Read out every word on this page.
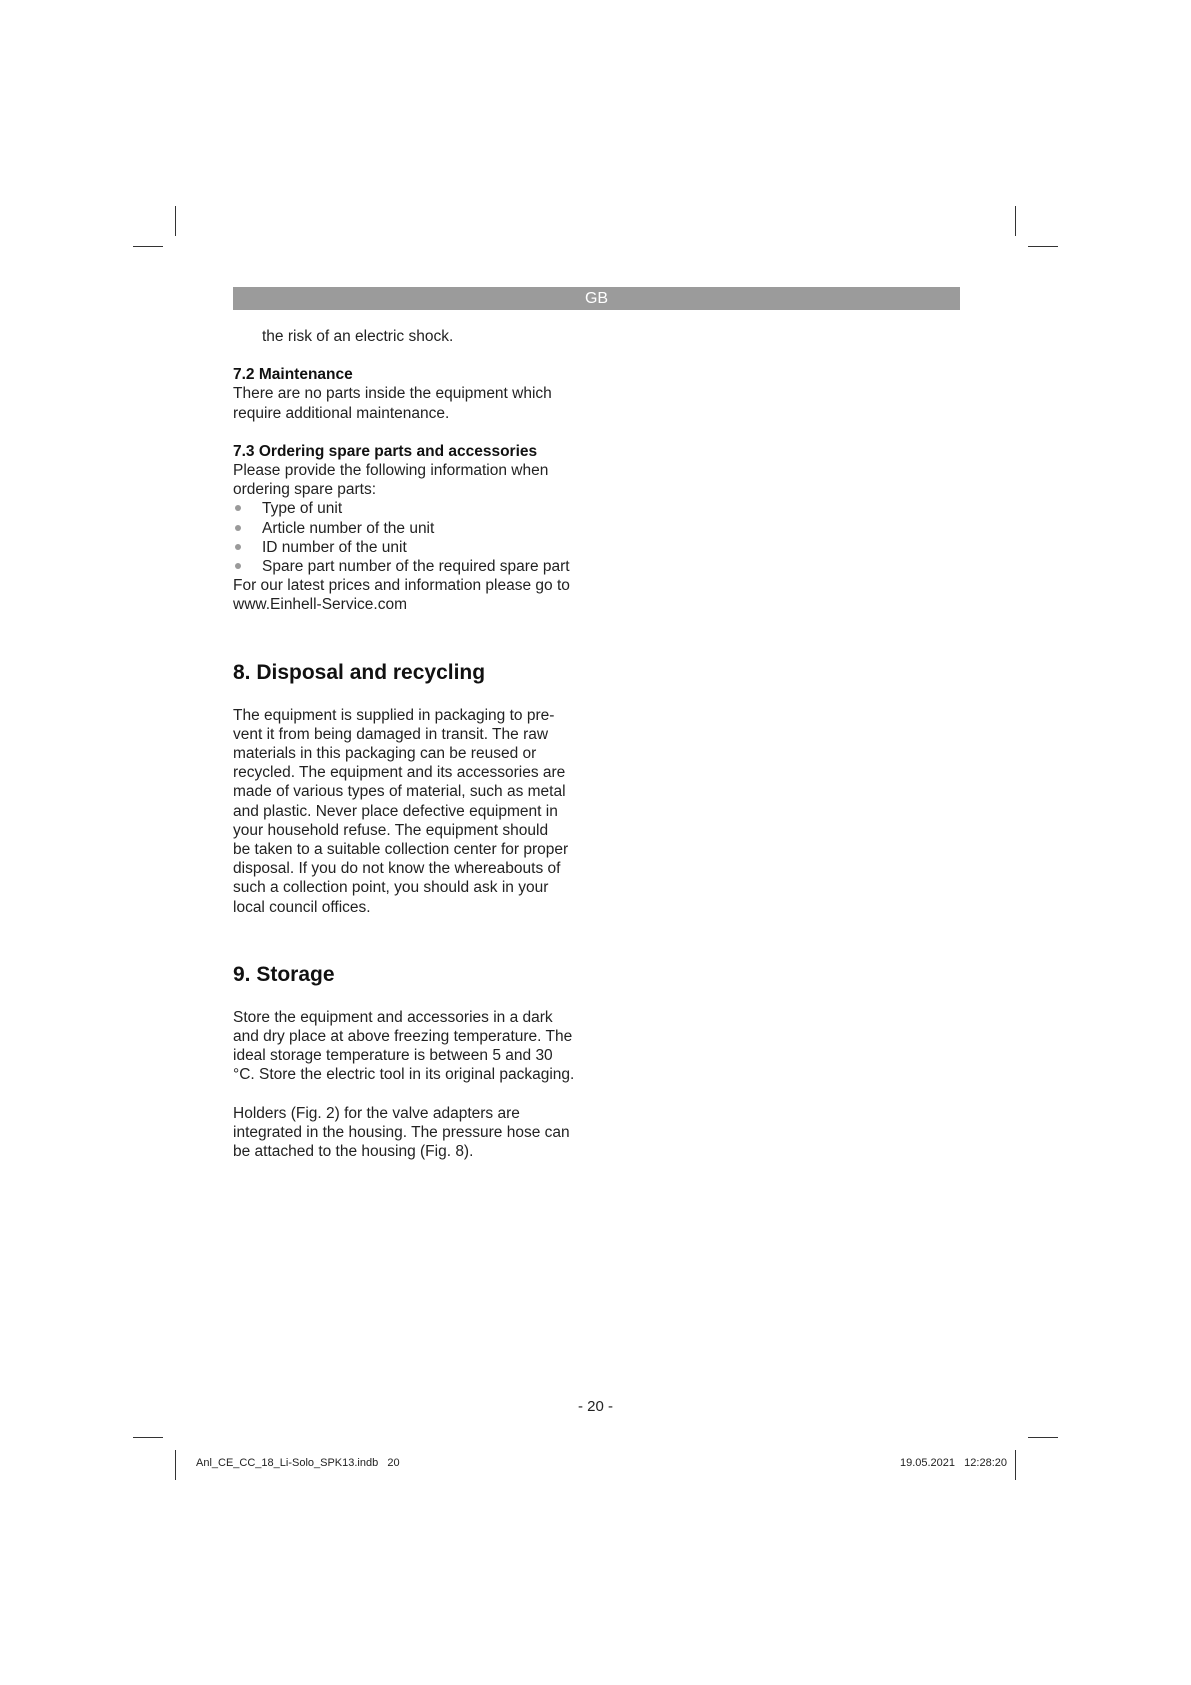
GB

the risk of an electric shock.

7.2 Maintenance

There are no parts inside the equipment which

require additional maintenance.

7.3 Ordering spare parts and accessories

Please provide the following information when

ordering spare parts:

Type of unit
Article number of the unit
ID number of the unit
Spare part number of the required spare part

For our latest prices and information please go to

www.Einhell-Service.com

8. Disposal and recycling

The equipment is supplied in packaging to pre-

vent it from being damaged in transit. The raw

materials in this packaging can be reused or

recycled. The equipment and its accessories are

made of various types of material, such as metal

and plastic. Never place defective equipment in

your household refuse. The equipment should

be taken to a suitable collection center for proper

disposal. If you do not know the whereabouts of

such a collection point, you should ask in your

local council offices.

9. Storage

Store the equipment and accessories in a dark

and dry place at above freezing temperature. The

ideal storage temperature is between 5 and 30

°C. Store the electric tool in its original packaging.

Holders (Fig. 2) for the valve adapters are

integrated in the housing. The pressure hose can

be attached to the housing (Fig. 8).

- 20 -
Anl_CE_CC_18_Li-Solo_SPK13.indb   20	19.05.2021   12:28:20
